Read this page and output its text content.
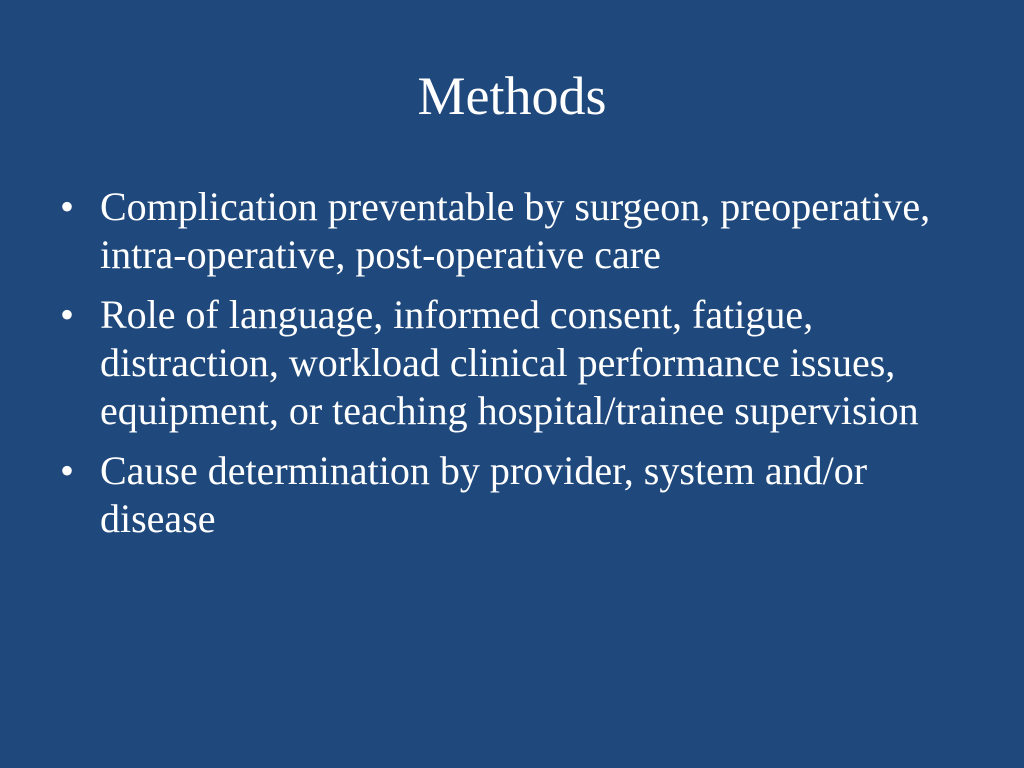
Methods
• Complication preventable by surgeon, preoperative, intra-operative, post-operative care
• Role of language, informed consent, fatigue, distraction, workload clinical performance issues, equipment, or teaching hospital/trainee supervision
• Cause determination by provider, system and/or disease
